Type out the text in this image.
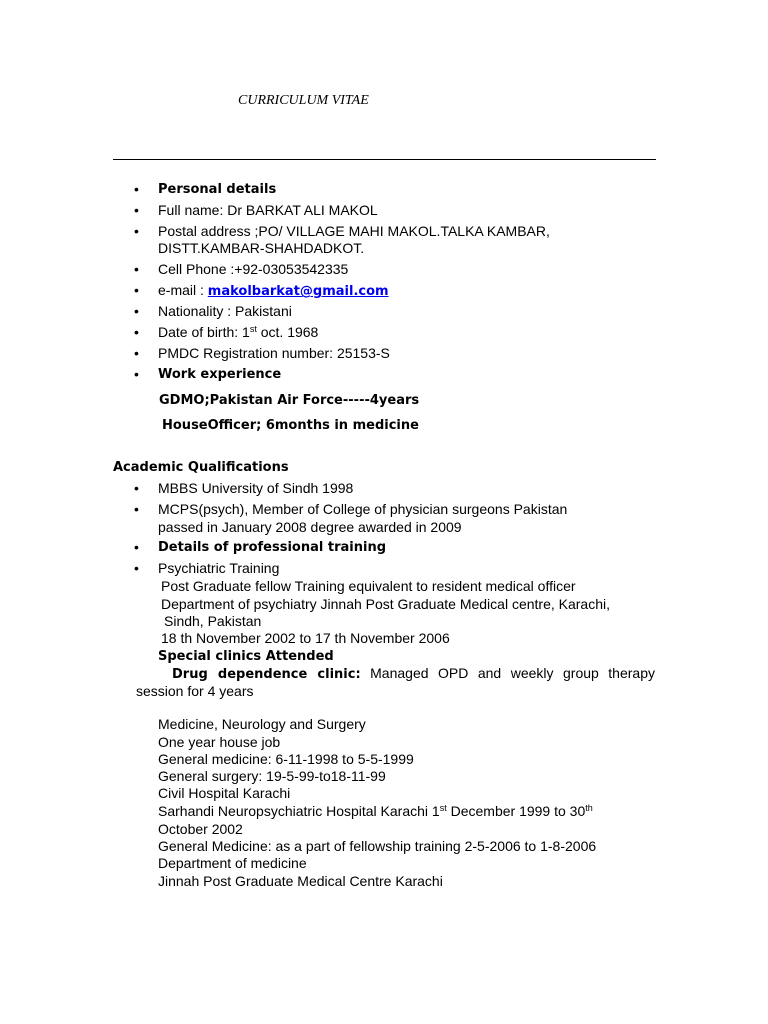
CURRICULUM VITAE
• Personal details
• Full name: Dr BARKAT ALI MAKOL
• Postal address ;PO/ VILLAGE MAHI MAKOL.TALKA KAMBAR,
DISTT.KAMBAR-SHAHDADKOT.
• Cell Phone :+92-03053542335
• e-mail : makolbarkat@gmail.com
• Nationality : Pakistani
• Date of birth: 1st oct. 1968
• PMDC Registration number: 25153-S
• Work experience
GDMO;Pakistan Air Force-----4years
HouseOfficer; 6months in medicine
Academic Qualifications
• MBBS University of Sindh 1998
• MCPS(psych), Member of College of physician surgeons Pakistan
passed in January 2008 degree awarded in 2009
• Details of professional training
• Psychiatric Training
Post Graduate fellow Training equivalent to resident medical officer
Department of psychiatry Jinnah Post Graduate Medical centre, Karachi,
Sindh, Pakistan
18 th November 2002 to 17 th November 2006
Special clinics Attended
Drug dependence clinic: Managed OPD and weekly group therapy session for 4 years
Medicine, Neurology and Surgery
One year house job
General medicine: 6-11-1998 to 5-5-1999
General surgery: 19-5-99-to18-11-99
Civil Hospital Karachi
Sarhandi Neuropsychiatric Hospital Karachi 1st December 1999 to 30th
October 2002
General Medicine: as a part of fellowship training 2-5-2006 to 1-8-2006
Department of medicine
Jinnah Post Graduate Medical Centre Karachi
